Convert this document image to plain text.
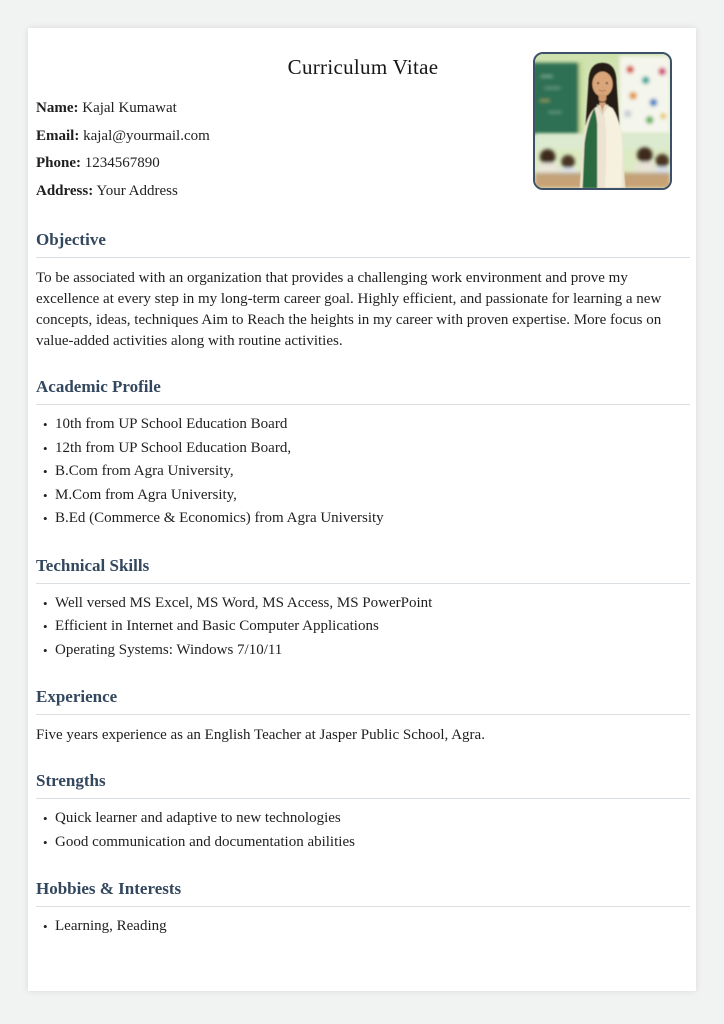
Curriculum Vitae
Name: Kajal Kumawat
Email: kajal@yourmail.com
Phone: 1234567890
Address: Your Address
Objective

To be associated with an organization that provides a challenging work environment and prove my excellence at every step in my long-term career goal. Highly efficient, and passionate for learning a new concepts, ideas, techniques Aim to Reach the heights in my career with proven expertise. More focus on value-added activities along with routine activities.

Academic Profile
• 10th from UP School Education Board
• 12th from UP School Education Board,
• B.Com from Agra University,
• M.Com from Agra University,
• B.Ed (Commerce & Economics) from Agra University
Technical Skills
• Well versed MS Excel, MS Word, MS Access, MS PowerPoint
• Efficient in Internet and Basic Computer Applications
• Operating Systems: Windows 7/10/11
Experience

Five years experience as an English Teacher at Jasper Public School, Agra.

Strengths
• Quick learner and adaptive to new technologies
• Good communication and documentation abilities
Hobbies & Interests
• Learning, Reading
